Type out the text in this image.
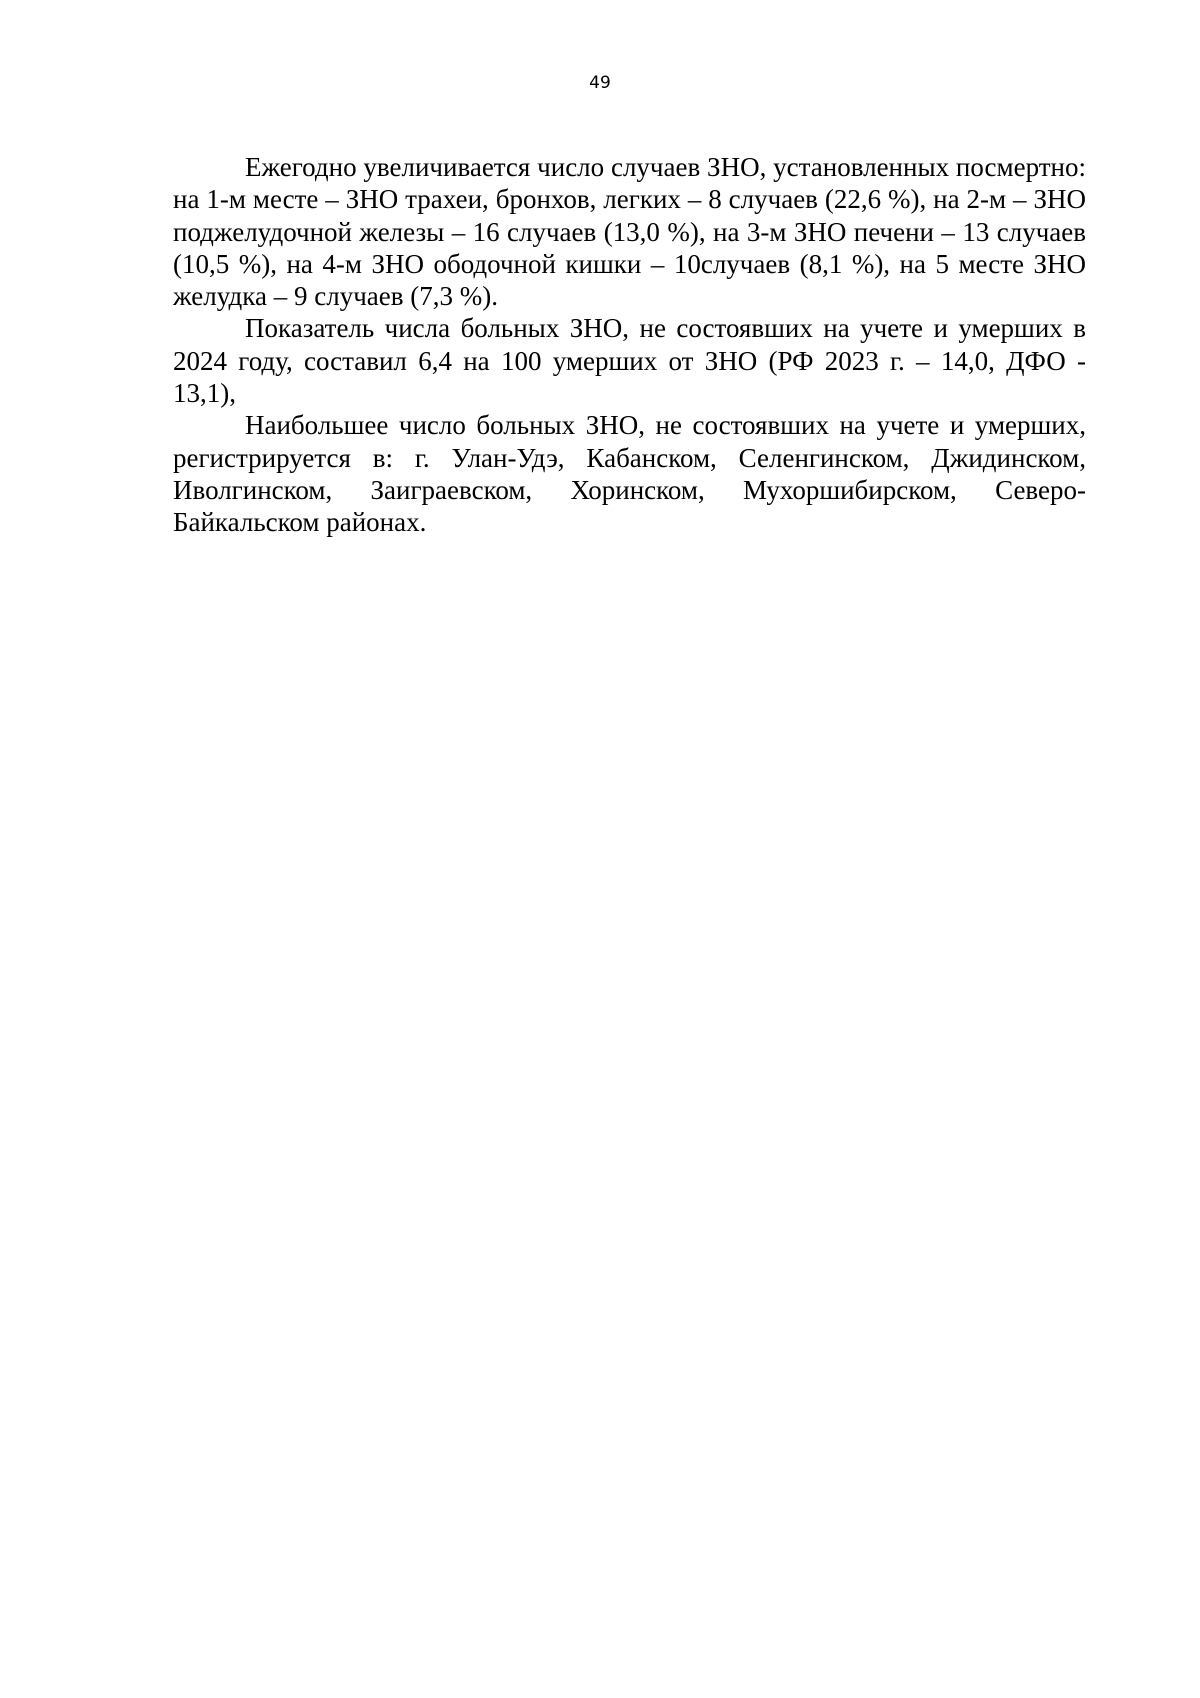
49

Ежегодно увеличивается число случаев ЗНО, установленных посмертно: на 1-м месте – ЗНО трахеи, бронхов, легких – 8 случаев (22,6 %), на 2-м – ЗНО поджелудочной железы – 16 случаев (13,0 %), на 3-м ЗНО печени – 13 случаев (10,5 %), на 4-м ЗНО ободочной кишки – 10случаев (8,1 %), на 5 месте ЗНО желудка – 9 случаев (7,3 %).

Показатель числа больных ЗНО, не состоявших на учете и умерших в 2024 году, составил 6,4 на 100 умерших от ЗНО (РФ 2023 г. – 14,0, ДФО - 13,1),

Наибольшее число больных ЗНО, не состоявших на учете и умерших, регистрируется в: г. Улан-Удэ, Кабанском, Селенгинском, Джидинском, Иволгинском, Заиграевском, Хоринском, Мухоршибирском, Северо-Байкальском районах.
